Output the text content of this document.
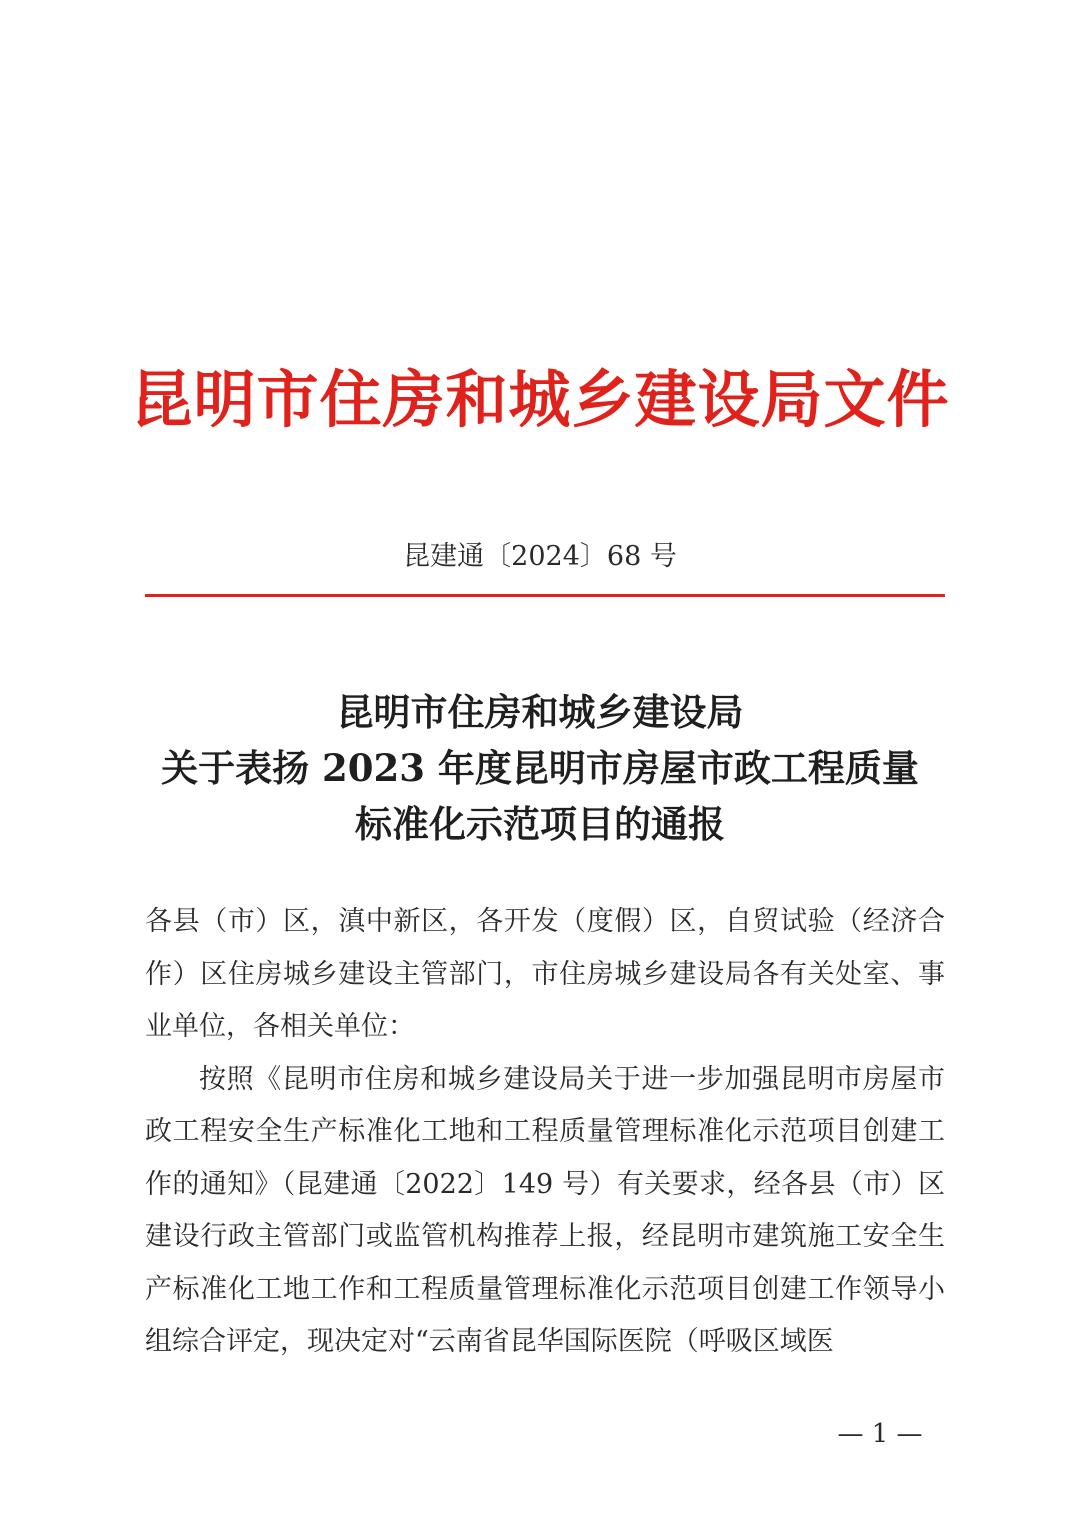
昆明市住房和城乡建设局文件
昆建通〔2024〕68 号
昆明市住房和城乡建设局
关于表扬 2023 年度昆明市房屋市政工程质量
标准化示范项目的通报

各县（市）区，滇中新区，各开发（度假）区，自贸试验（经济合作）区住房城乡建设主管部门，市住房城乡建设局各有关处室、事业单位，各相关单位：

按照《昆明市住房和城乡建设局关于进一步加强昆明市房屋市政工程安全生产标准化工地和工程质量管理标准化示范项目创建工作的通知》（昆建通〔2022〕149 号）有关要求，经各县（市）区建设行政主管部门或监管机构推荐上报，经昆明市建筑施工安全生产标准化工地工作和工程质量管理标准化示范项目创建工作领导小组综合评定，现决定对“云南省昆华国际医院（呼吸区域医

— 1 —
